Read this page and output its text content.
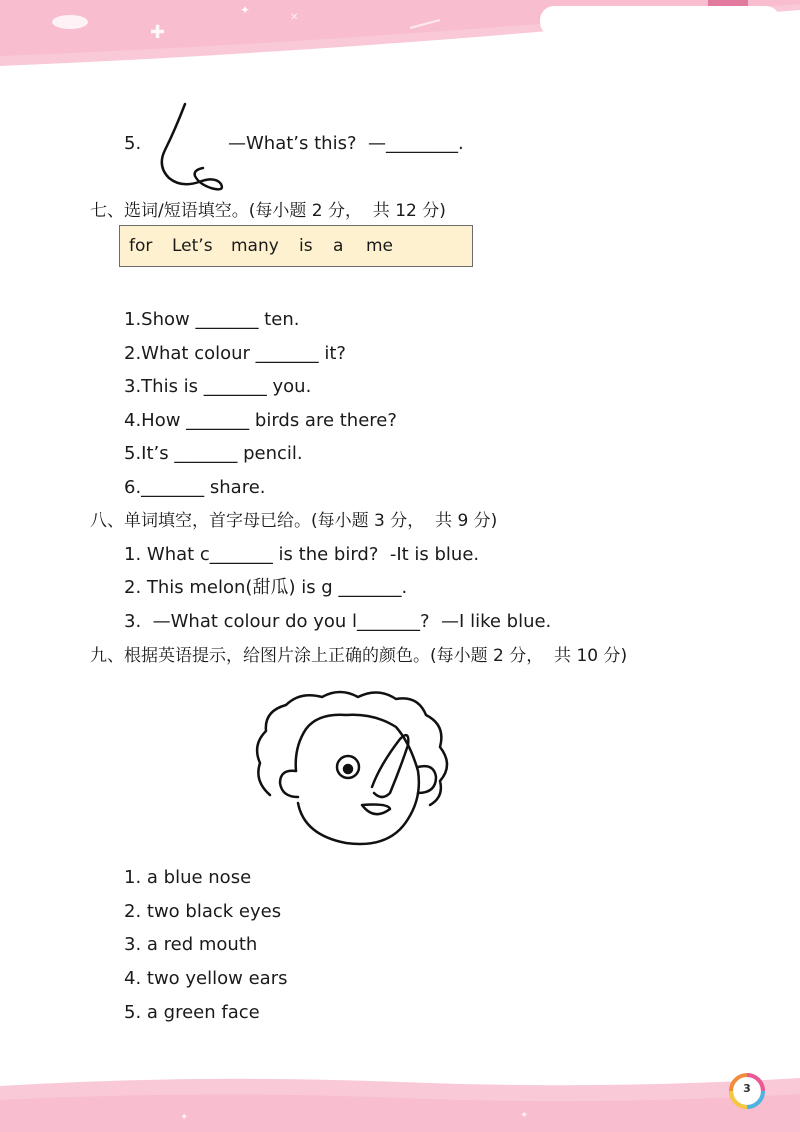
✚
✦
✕
5.	—What’s this?  —________.
七、选词/短语填空。(每小题 2 分，  共 12 分)
for Let’s many is a me
1.Show _______ ten.
2.What colour _______ it?
3.This is _______ you.
4.How _______ birds are there?
5.It’s _______ pencil.
6._______ share.
八、单词填空，首字母已给。(每小题 3 分，  共 9 分)
1. What c_______ is the bird?  -It is blue.
2. This melon(甜瓜) is g _______.
3.  —What colour do you l_______?  —I like blue.
九、根据英语提示，给图片涂上正确的颜色。(每小题 2 分，  共 10 分)
1. a blue nose
2. two black eyes
3. a red mouth
4. two yellow ears
5. a green face
✦	✦
3
